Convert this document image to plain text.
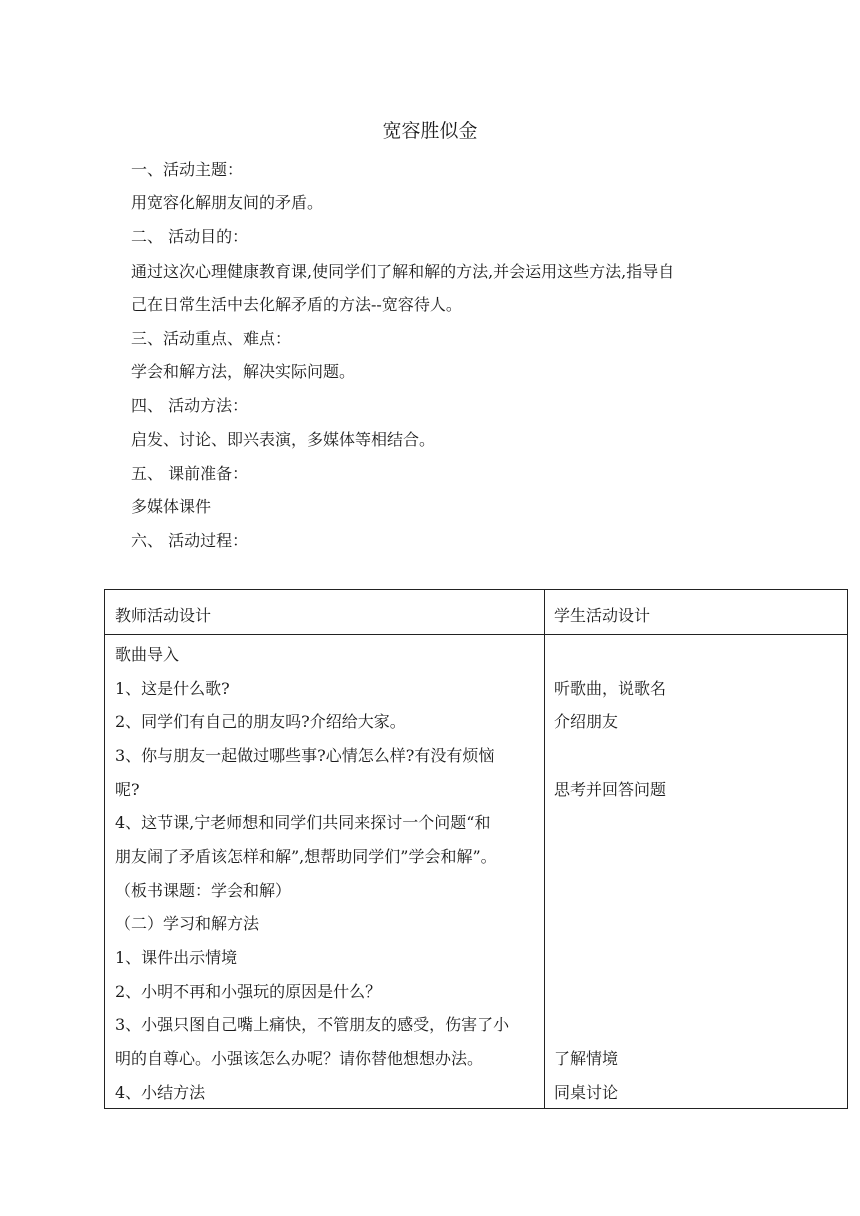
宽容胜似金
一、活动主题：
用宽容化解朋友间的矛盾。
二、 活动目的：
通过这次心理健康教育课,使同学们了解和解的方法,并会运用这些方法,指导自
己在日常生活中去化解矛盾的方法--宽容待人。
三、活动重点、难点：
学会和解方法，解决实际问题。
四、 活动方法：
启发、讨论、即兴表演，多媒体等相结合。
五、 课前准备：
多媒体课件
六、 活动过程：
教师活动设计	学生活动设计
歌曲导入
1、这是什么歌?
2、同学们有自己的朋友吗?介绍给大家。
3、你与朋友一起做过哪些事?心情怎么样?有没有烦恼
呢?
4、这节课,宁老师想和同学们共同来探讨一个问题“和
朋友闹了矛盾该怎样和解”,想帮助同学们”学会和解”。
（板书课题：学会和解）
（二）学习和解方法
1、课件出示情境
2、小明不再和小强玩的原因是什么？
3、小强只图自己嘴上痛快，不管朋友的感受，伤害了小
明的自尊心。小强该怎么办呢？请你替他想想办法。
4、小结方法
听歌曲，说歌名
介绍朋友
思考并回答问题
了解情境
同桌讨论
